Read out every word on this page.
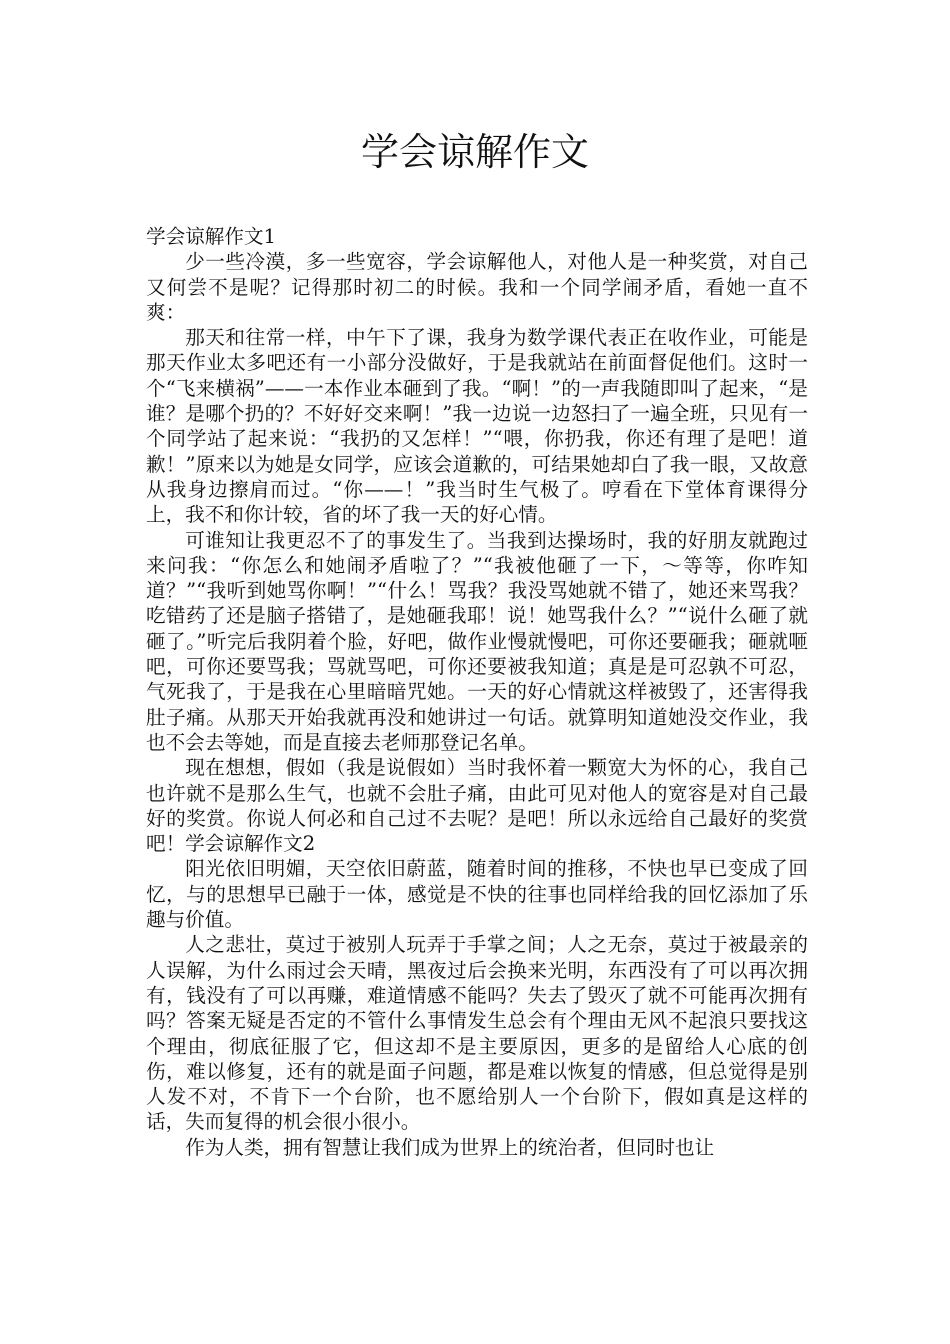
学会谅解作文

学会谅解作文1

少一些冷漠，多一些宽容，学会谅解他人，对他人是一种奖赏，对自己又何尝不是呢？记得那时初二的时候。我和一个同学闹矛盾，看她一直不爽：

那天和往常一样，中午下了课，我身为数学课代表正在收作业，可能是那天作业太多吧还有一小部分没做好，于是我就站在前面督促他们。这时一个“飞来横祸”——一本作业本砸到了我。“啊！”的一声我随即叫了起来，“是谁？是哪个扔的？不好好交来啊！”我一边说一边怒扫了一遍全班，只见有一个同学站了起来说：“我扔的又怎样！”“喂，你扔我，你还有理了是吧！道歉！”原来以为她是女同学，应该会道歉的，可结果她却白了我一眼，又故意从我身边擦肩而过。“你——！”我当时生气极了。哼看在下堂体育课得分上，我不和你计较，省的坏了我一天的好心情。

可谁知让我更忍不了的事发生了。当我到达操场时，我的好朋友就跑过来问我：“你怎么和她闹矛盾啦了？”“我被他砸了一下，～等等，你咋知道？”“我听到她骂你啊！”“什么！骂我？我没骂她就不错了，她还来骂我？吃错药了还是脑子搭错了，是她砸我耶！说！她骂我什么？”“说什么砸了就砸了。”听完后我阴着个脸，好吧，做作业慢就慢吧，可你还要砸我；砸就咂吧，可你还要骂我；骂就骂吧，可你还要被我知道；真是是可忍孰不可忍，气死我了，于是我在心里暗暗咒她。一天的好心情就这样被毁了，还害得我肚子痛。从那天开始我就再没和她讲过一句话。就算明知道她没交作业，我也不会去等她，而是直接去老师那登记名单。

现在想想，假如（我是说假如）当时我怀着一颗宽大为怀的心，我自己也许就不是那么生气，也就不会肚子痛，由此可见对他人的宽容是对自己最好的奖赏。你说人何必和自己过不去呢？是吧！所以永远给自己最好的奖赏吧！学会谅解作文2

阳光依旧明媚，天空依旧蔚蓝，随着时间的推移，不快也早已变成了回忆，与的思想早已融于一体，感觉是不快的往事也同样给我的回忆添加了乐趣与价值。

人之悲壮，莫过于被别人玩弄于手掌之间；人之无奈，莫过于被最亲的人误解，为什么雨过会天晴，黑夜过后会换来光明，东西没有了可以再次拥有，钱没有了可以再赚，难道情感不能吗？失去了毁灭了就不可能再次拥有吗？答案无疑是否定的不管什么事情发生总会有个理由无风不起浪只要找这个理由，彻底征服了它，但这却不是主要原因，更多的是留给人心底的创伤，难以修复，还有的就是面子问题，都是难以恢复的情感，但总觉得是别人发不对，不肯下一个台阶，也不愿给别人一个台阶下，假如真是这样的话，失而复得的机会很小很小。

作为人类，拥有智慧让我们成为世界上的统治者，但同时也让
